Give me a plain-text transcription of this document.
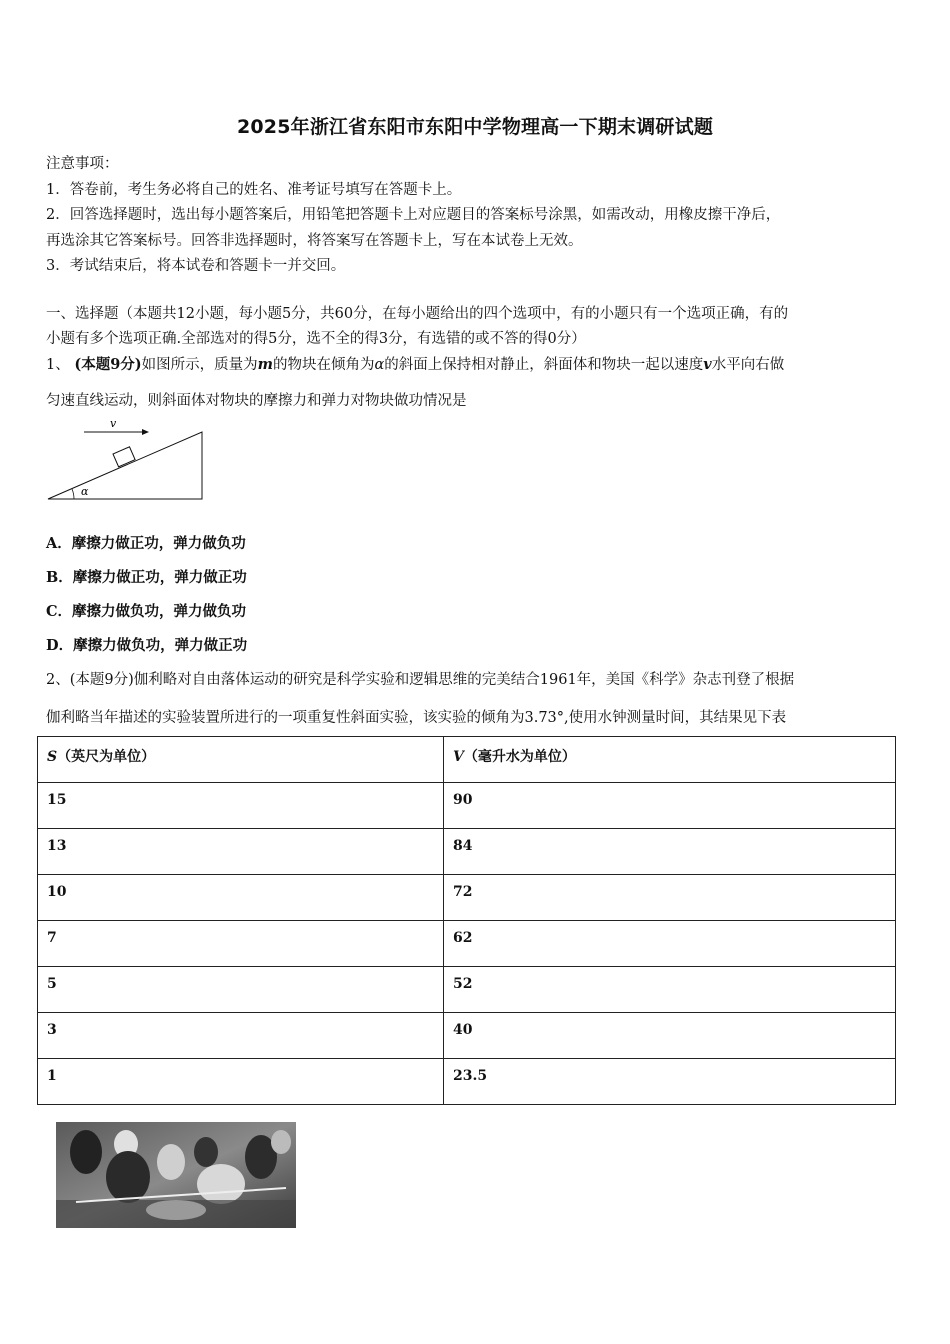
2025年浙江省东阳市东阳中学物理高一下期末调研试题
注意事项：
1．答卷前，考生务必将自己的姓名、准考证号填写在答题卡上。
2．回答选择题时，选出每小题答案后，用铅笔把答题卡上对应题目的答案标号涂黑，如需改动，用橡皮擦干净后，
再选涂其它答案标号。回答非选择题时，将答案写在答题卡上，写在本试卷上无效。
3．考试结束后，将本试卷和答题卡一并交回。
一、选择题（本题共12小题，每小题5分，共60分，在每小题给出的四个选项中，有的小题只有一个选项正确，有的
小题有多个选项正确.全部选对的得5分，选不全的得3分，有选错的或不答的得0分）
1、 (本题9分)如图所示，质量为m的物块在倾角为α的斜面上保持相对静止，斜面体和物块一起以速度v水平向右做
匀速直线运动，则斜面体对物块的摩擦力和弹力对物块做功情况是
v
α
A．摩擦力做正功，弹力做负功
B．摩擦力做正功，弹力做正功
C．摩擦力做负功，弹力做负功
D．摩擦力做负功，弹力做正功
2、(本题9分)伽利略对自由落体运动的研究是科学实验和逻辑思维的完美结合1961年，美国《科学》杂志刊登了根据
伽利略当年描述的实验装置所进行的一项重复性斜面实验，该实验的倾角为3.73°,使用水钟测量时间，其结果见下表
S（英尺为单位）	V（毫升水为单位）
15	90
13	84
10	72
7	62
5	52
3	40
1	23.5
